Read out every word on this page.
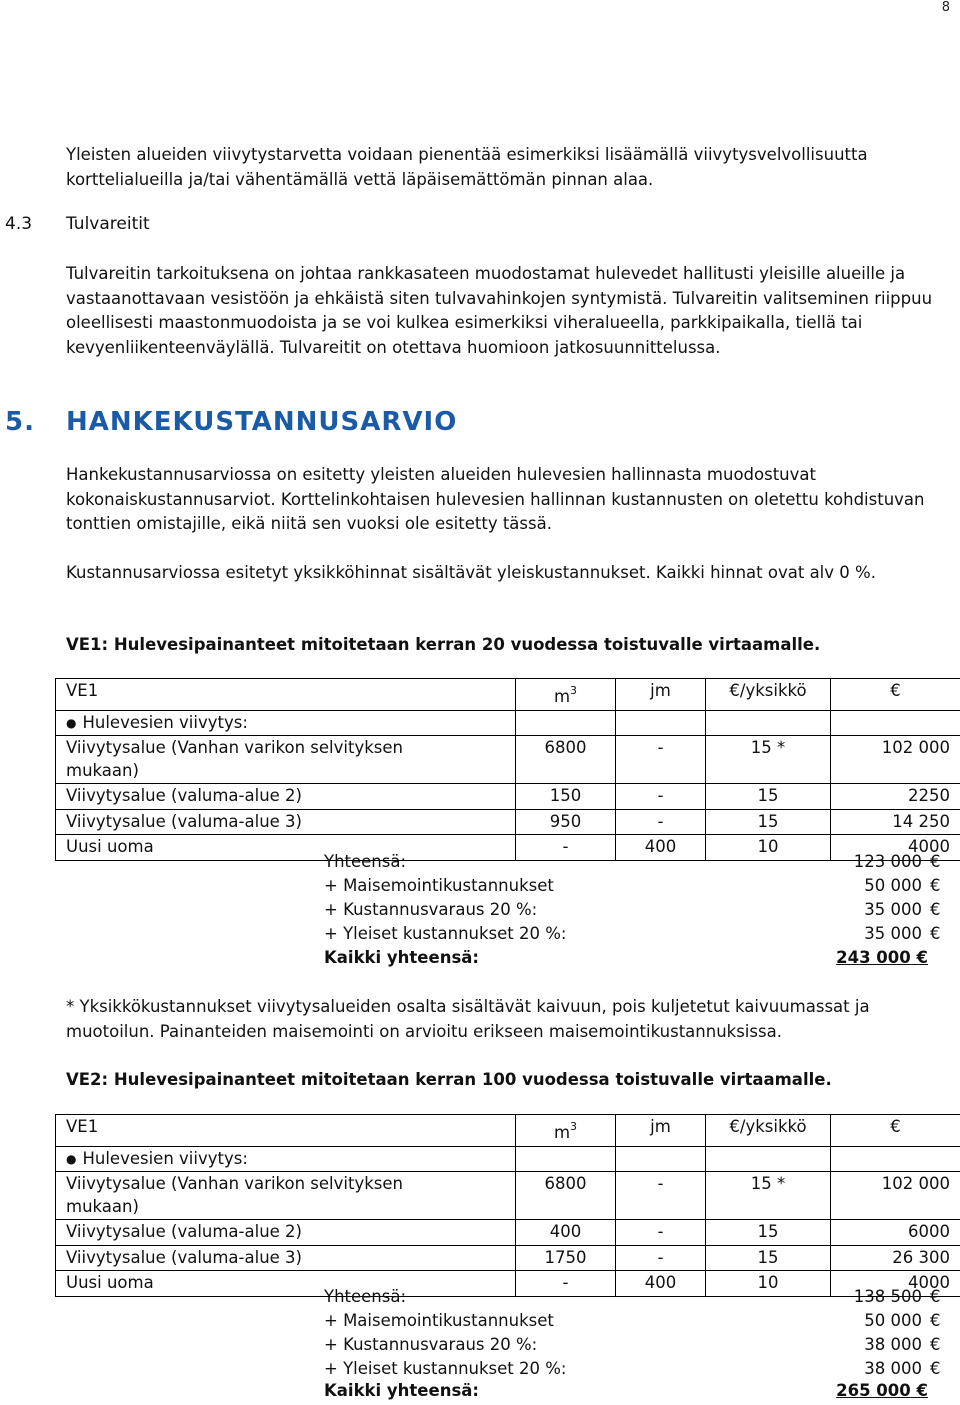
8

Yleisten alueiden viivytystarvetta voidaan pienentää esimerkiksi lisäämällä viivytysvelvollisuutta korttelialueilla ja/tai vähentämällä vettä läpäisemättömän pinnan alaa.

4.3 Tulvareitit

Tulvareitin tarkoituksena on johtaa rankkasateen muodostamat hulevedet hallitusti yleisille alueille ja vastaanottavaan vesistöön ja ehkäistä siten tulvavahinkojen syntymistä. Tulvareitin valitseminen riippuu oleellisesti maastonmuodoista ja se voi kulkea esimerkiksi viheralueella, parkkipaikalla, tiellä tai kevyenliikenteenväylällä. Tulvareitit on otettava huomioon jatkosuunnittelussa.

5. HANKEKUSTANNUSARVIO

Hankekustannusarviossa on esitetty yleisten alueiden hulevesien hallinnasta muodostuvat kokonaiskustannusarviot. Korttelinkohtaisen hulevesien hallinnan kustannusten on oletettu kohdistuvan tonttien omistajille, eikä niitä sen vuoksi ole esitetty tässä.

Kustannusarviossa esitetyt yksikköhinnat sisältävät yleiskustannukset. Kaikki hinnat ovat alv 0 %.

VE1: Hulevesipainanteet mitoitetaan kerran 20 vuodessa toistuvalle virtaamalle.
VE1	$m^3$	jm	€/yksikkö	€
● Hulevesien viivytys:				
Viivytysalue (Vanhan varikon selvityksen mukaan)	6800	-	15 *	102 000
Viivytysalue (valuma-alue 2)	150	-	15	2250
Viivytysalue (valuma-alue 3)	950	-	15	14 250
Uusi uoma	-	400	10	4000
Yhteensä:	123 000 €
+ Maisemointikustannukset	50 000 €
+ Kustannusvaraus 20 %:	35 000 €
+ Yleiset kustannukset 20 %:	35 000 €
Kaikki yhteensä:	243 000 €

* Yksikkökustannukset viivytysalueiden osalta sisältävät kaivuun, pois kuljetetut kaivuumassat ja muotoilun. Painanteiden maisemointi on arvioitu erikseen maisemointikustannuksissa.

VE2: Hulevesipainanteet mitoitetaan kerran 100 vuodessa toistuvalle virtaamalle.
VE1	$m^3$	jm	€/yksikkö	€
● Hulevesien viivytys:				
Viivytysalue (Vanhan varikon selvityksen mukaan)	6800	-	15 *	102 000
Viivytysalue (valuma-alue 2)	400	-	15	6000
Viivytysalue (valuma-alue 3)	1750	-	15	26 300
Uusi uoma	-	400	10	4000
Yhteensä:	138 500 €
+ Maisemointikustannukset	50 000 €
+ Kustannusvaraus 20 %:	38 000 €
+ Yleiset kustannukset 20 %:	38 000 €
Kaikki yhteensä:	265 000 €
